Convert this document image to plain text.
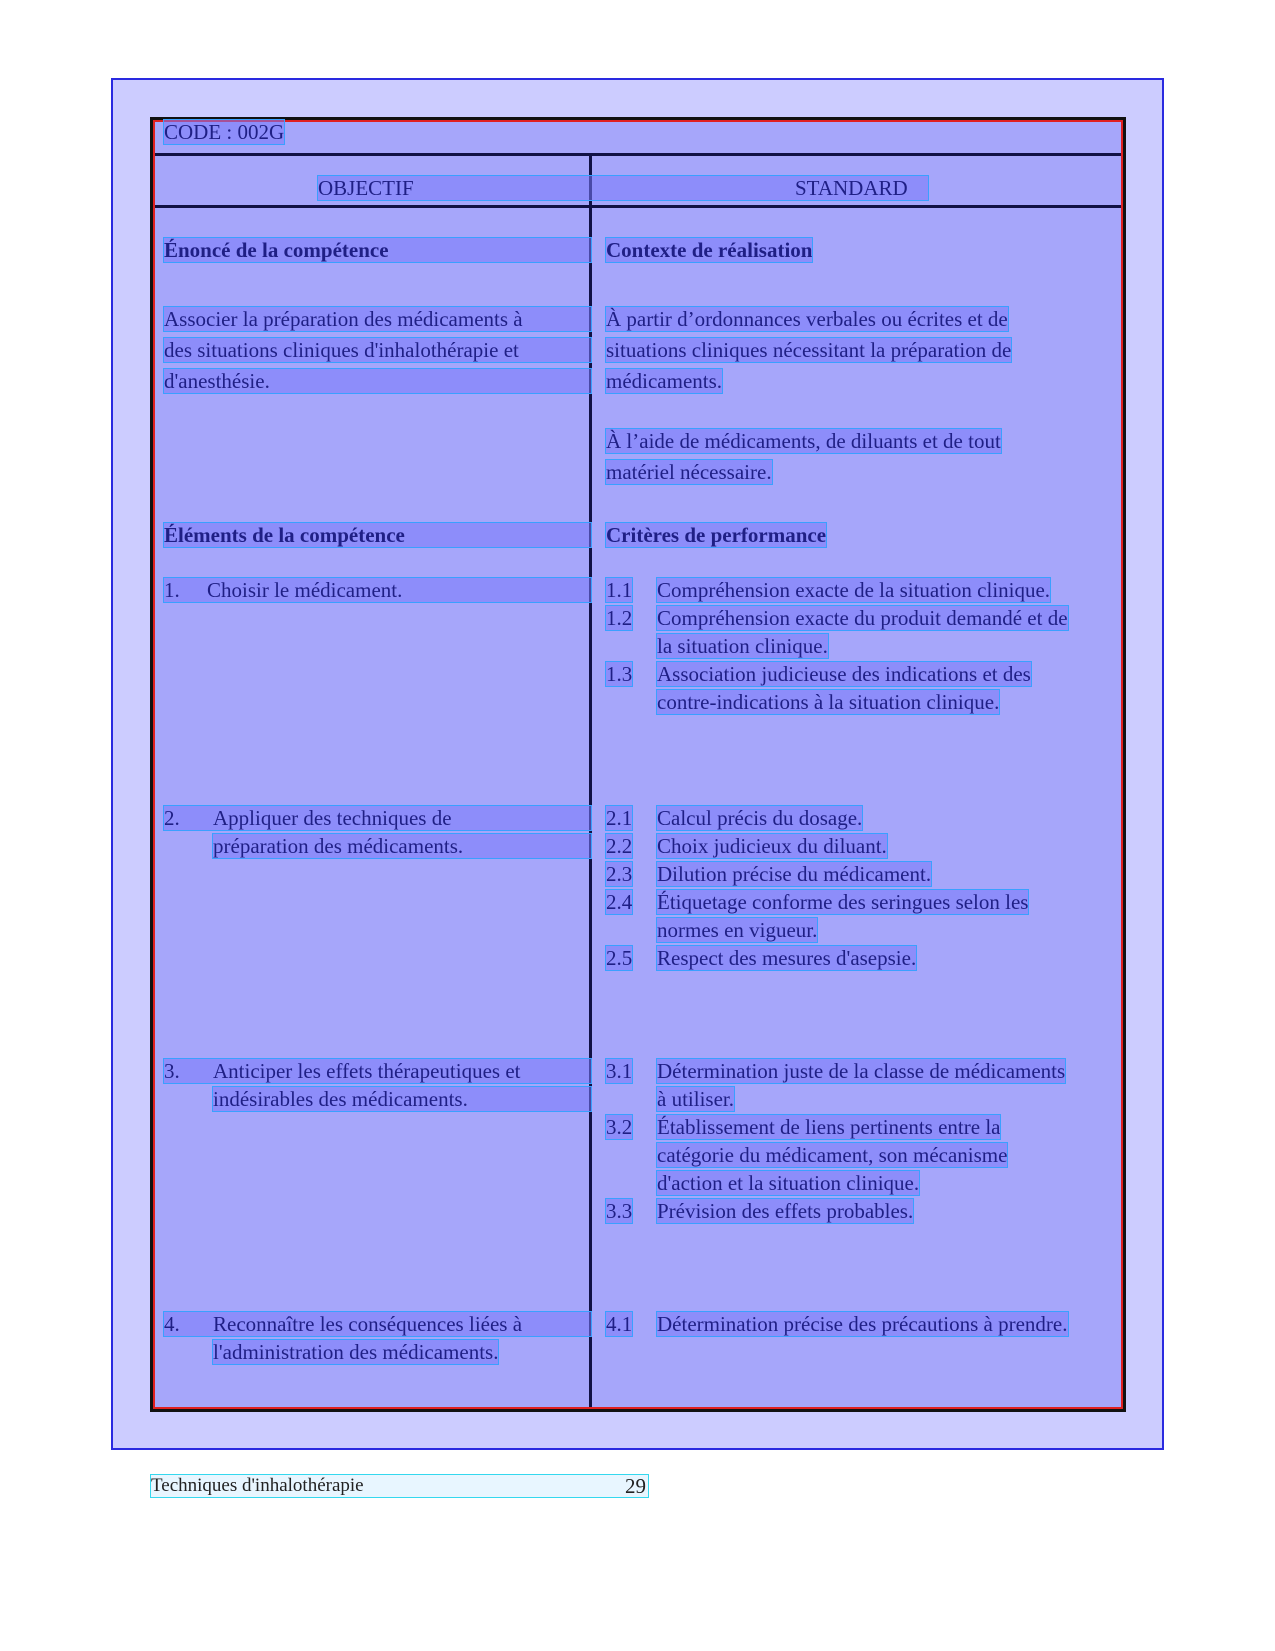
CODE : 002G
OBJECTIF	STANDARD
Énoncé de la compétence
Associer la préparation des médicaments à
des situations cliniques d'inhalothérapie et
d'anesthésie.
Éléments de la compétence
1. Choisir le médicament.
2. Appliquer des techniques de
préparation des médicaments.
3. Anticiper les effets thérapeutiques et
indésirables des médicaments.
4. Reconnaître les conséquences liées à
l'administration des médicaments.
Contexte de réalisation
À partir d’ordonnances verbales ou écrites et de
situations cliniques nécessitant la préparation de
médicaments.
À l’aide de médicaments, de diluants et de tout
matériel nécessaire.
Critères de performance
1.1 Compréhension exacte de la situation clinique.
1.2 Compréhension exacte du produit demandé et de
la situation clinique.
1.3 Association judicieuse des indications et des
contre-indications à la situation clinique.
2.1 Calcul précis du dosage.
2.2 Choix judicieux du diluant.
2.3 Dilution précise du médicament.
2.4 Étiquetage conforme des seringues selon les
normes en vigueur.
2.5 Respect des mesures d'asepsie.
3.1 Détermination juste de la classe de médicaments
à utiliser.
3.2 Établissement de liens pertinents entre la
catégorie du médicament, son mécanisme
d'action et la situation clinique.
3.3 Prévision des effets probables.
4.1 Détermination précise des précautions à prendre.
Techniques d'inhalothérapie	29
